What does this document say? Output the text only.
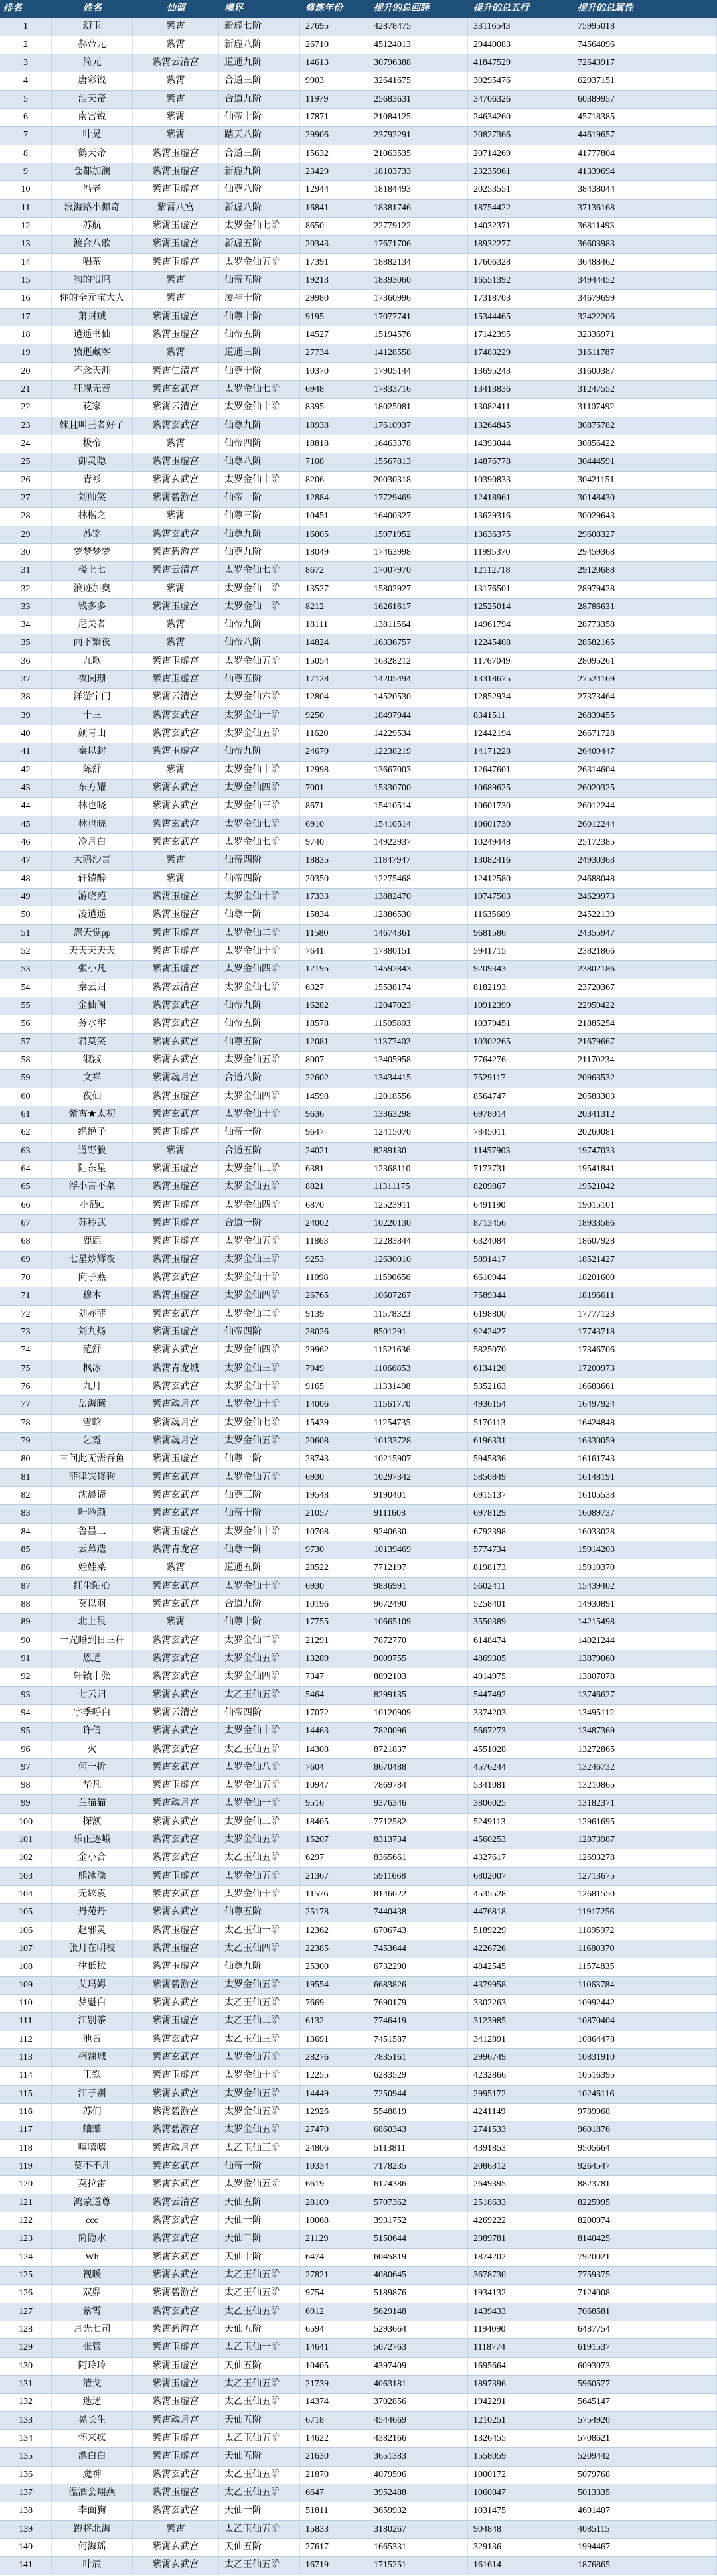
排名	姓名	仙盟	境界	修炼年份	提升的总回睡	提升的总五行	提升的总属性
1	幻玉	紫霄	新虚七阶	27695	42878475	33116543	75995018
2	郝帝元	紫霄	新虚八阶	26710	45124013	29440083	74564096
3	简元	紫霄云清宫	道通九阶	14613	30796388	41847529	72643917
4	唐彩锐	紫霄	合道三阶	9903	32641675	30295476	62937151
5	浩天帝	紫霄	合道九阶	11979	25683631	34706326	60389957
6	南宫锐	紫霄	仙帝十阶	17871	21084125	24634260	45718385
7	叶晃	紫霄	踏天八阶	29906	23792291	20827366	44619657
8	鹤天帝	紫霄玉虚宫	合道三阶	15632	21063535	20714269	41777804
9	仓都加澜	紫霄玉虚宫	新虚九阶	23429	18103733	23235961	41339694
10	冯老	紫霄玉虚宫	仙尊八阶	12944	18184493	20253551	38438044
11	浪海路小佩奇	紫霄八宫	新虚八阶	16841	18381746	18754422	37136168
12	苏航	紫霄玉虚宫	太罗金仙七阶	8650	22779122	14032371	36811493
13	渡合八歌	紫霄玉虚宫	新虚五阶	20343	17671706	18932277	36603983
14	唱茶	紫霄玉虚宫	太罗金仙五阶	17391	18882134	17606328	36488462
15	狗的很呜	紫霄	仙帝五阶	19213	18393060	16551392	34944452
16	你的全元宝大人	紫霄	凌神十阶	29980	17360996	17318703	34679699
17	萧封贼	紫霄玉虚宫	仙尊十阶	9195	17077741	15344465	32422206
18	逍遥书仙	紫霄玉虚宫	仙帝五阶	14527	15194576	17142395	32336971
19	猿逝藏客	紫霄	道通三阶	27734	14128558	17483229	31611787
20	不念天涯	紫霄仁清宫	仙尊十阶	10370	17905144	13695243	31600387
21	狂舰无音	紫霄玄武宫	太罗金仙七阶	6948	17833716	13413836	31247552
22	花家	紫霄云清宫	太罗金仙十阶	8395	18025081	13082411	31107492
23	妹且叫王者好了	紫霄玄武宫	仙尊九阶	18938	17610937	13264845	30875782
24	极帝	紫霄	仙帝四阶	18818	16463378	14393044	30856422
25	御灵隐	紫霄玉虚宫	仙尊八阶	7108	15567813	14876778	30444591
26	青衫	紫霄玄武宫	太罗金仙十阶	8206	20030318	10390833	30421151
27	刘帅笑	紫霄碧游宫	仙帝一阶	12884	17729469	12418961	30148430
28	林楷之	紫霄	仙尊三阶	10451	16400327	13629316	30029643
29	苏铭	紫霄玄武宫	仙尊九阶	16005	15971952	13636375	29608327
30	梦梦梦梦	紫霄碧游宫	仙尊九阶	18049	17463998	11995370	29459368
31	楼上七	紫霄云清宫	太罗金仙七阶	8672	17007970	12112718	29120688
32	浪迹加奥	紫霄	太罗金仙一阶	13527	15802927	13176501	28979428
33	钱多多	紫霄玉虚宫	太罗金仙一阶	8212	16261617	12525014	28786631
34	尼关者	紫霄	仙帝九阶	18111	13811564	14961794	28773358
35	雨下繁夜	紫霄	仙帝八阶	14824	16336757	12245408	28582165
36	九歌	紫霄玉虚宫	太罗金仙五阶	15054	16328212	11767049	28095261
37	夜阑珊	紫霄玉虚宫	仙尊五阶	17128	14205494	13318675	27524169
38	洋游宁门	紫霄云清宫	太罗金仙六阶	12804	14520530	12852934	27373464
39	十三	紫霄玄武宫	太罗金仙一阶	9250	18497944	8341511	26839455
40	颜青山	紫霄玄武宫	太罗金仙五阶	11620	14229534	12442194	26671728
41	秦以封	紫霄玉虚宫	仙帝九阶	24670	12238219	14171228	26409447
42	陈舒	紫霄	太罗金仙十阶	12998	13667003	12647601	26314604
43	东方耀	紫霄玄武宫	太罗金仙四阶	7001	15330700	10689625	26020325
44	林也晓	紫霄玄武宫	太罗金仙三阶	8671	15410514	10601730	26012244
45	林也晓	紫霄玄武宫	太罗金仙七阶	6910	15410514	10601730	26012244
46	冷月白	紫霄玄武宫	太罗金仙七阶	9740	14922937	10249448	25172385
47	大鸥沙言	紫霄	仙帝四阶	18835	11847947	13082416	24930363
48	轩辕醉	紫霄	仙帝四阶	20350	12275468	12412580	24688048
49	游晓苑	紫霄玉虚宫	太罗金仙十阶	17333	13882470	10747503	24629973
50	凌逍遥	紫霄玉虚宫	仙尊一阶	15834	12886530	11635609	24522139
51	怨天觉pp	紫霄玉虚宫	太罗金仙二阶	11580	14674361	9681586	24355947
52	天天天天天	紫霄玉虚宫	太罗金仙十阶	7641	17880151	5941715	23821866
53	张小凡	紫霄玉虚宫	太罗金仙四阶	12195	14592843	9209343	23802186
54	秦云归	紫霄云清宫	太罗金仙七阶	6327	15538174	8182193	23720367
55	金仙阁	紫霄玄武宫	仙帝九阶	16282	12047023	10912399	22959422
56	务水牢	紫霄玄武宫	仙帝五阶	18578	11505803	10379451	21885254
57	君莫笑	紫霄玄武宫	仙尊五阶	12081	11377402	10302265	21679667
58	淑淑	紫霄玄武宫	太罗金仙五阶	8007	13405958	7764276	21170234
59	文祥	紫霄魂月宫	合道八阶	22602	13434415	7529117	20963532
60	夜仙	紫霄玉虚宫	太罗金仙四阶	14598	12018556	8564747	20583303
61	紫霄★太初	紫霄玄武宫	太罗金仙十阶	9636	13363298	6978014	20341312
62	绝绝子	紫霄玉虚宫	仙帝一阶	9647	12415070	7845011	20260081
63	道野狼	紫霄	合道五阶	24021	8289130	11457903	19747033
64	陆东星	紫霄玉虚宫	太罗金仙二阶	6381	12368110	7173731	19541841
65	浮小言不菜	紫霄玉虚宫	太罗金仙五阶	8821	11311175	8209867	19521042
66	小酒C	紫霄玉虚宫	太罗金仙四阶	6870	12523911	6491190	19015101
67	苏秒武	紫霄玉虚宫	合道一阶	24002	10220130	8713456	18933586
68	鹿鹿	紫霄玉虚宫	太罗金仙五阶	11863	12283844	6324084	18607928
69	七星炒辉夜	紫霄玉虚宫	太罗金仙三阶	9253	12630010	5891417	18521427
70	向子燕	紫霄玄武宫	太罗金仙十阶	11098	11590656	6610944	18201600
71	穆木	紫霄玉虚宫	太罗金仙四阶	26765	10607267	7589344	18196611
72	刘亦菲	紫霄玄武宫	太罗金仙二阶	9139	11578323	6198800	17777123
73	刘九炀	紫霄玉虚宫	仙帝四阶	28026	8501291	9242427	17743718
74	范舒	紫霄玄武宫	太罗金仙四阶	29962	11521636	5825070	17346706
75	枫冰	紫霄青龙城	太罗金仙三阶	7949	11066853	6134120	17200973
76	九月	紫霄玄武宫	太罗金仙十阶	9165	11331498	5352163	16683661
77	岳海曦	紫霄魂月宫	太罗金仙十阶	14006	11561770	4936154	16497924
78	雪晗	紫霄魂月宫	太罗金仙七阶	15439	11254735	5170113	16424848
79	乞霓	紫霄魂月宫	太罗金仙五阶	20608	10133728	6196331	16330059
80	甘问此无需吞鱼	紫霄玉虚宫	仙尊一阶	28743	10215907	5945836	16161743
81	菲律宾修狗	紫霄玄武宫	太罗金仙五阶	6930	10297342	5850849	16148191
82	沈晨谛	紫霄玄武宫	仙尊三阶	19548	9190401	6915137	16105538
83	叶吟颜	紫霄玄武宫	仙帝十阶	21057	9111608	6978129	16089737
84	鲁墨二	紫霄玉虚宫	太罗金仙十阶	10708	9240630	6792398	16033028
85	云幕迭	紫霄青龙宫	仙尊一阶	9730	10139469	5774734	15914203
86	娃娃菜	紫霄	道通五阶	28522	7712197	8198173	15910370
87	红尘陌心	紫霄玄武宫	太罗金仙十阶	6930	9836991	5602411	15439402
88	莫以羽	紫霄玄武宫	合道九阶	10196	9672490	5258401	14930891
89	北上晨	紫霄	仙尊十阶	17755	10665109	3550389	14215498
90	一咒睡到日三秆	紫霄玄武宫	太罗金仙二阶	21291	7872770	6148474	14021244
91	恩通	紫霄玄武宫	太罗金仙五阶	13289	9009755	4869305	13879060
92	轩辕丨张	紫霄玄武宫	太罗金仙四阶	7347	8892103	4914975	13807078
93	七云归	紫霄玄武宫	太乙玉仙五阶	5464	8299135	5447492	13746627
94	字季呼白	紫霄云清宫	仙帝四阶	17072	10120909	3374203	13495112
95	许倩	紫霄玄武宫	太罗金仙十阶	14463	7820096	5667273	13487369
96	火	紫霄玄武宫	太乙玉仙五阶	14308	8721837	4551028	13272865
97	何一折	紫霄玄武宫	太罗金仙八阶	7604	8670488	4576244	13246732
98	华凡	紫霄玉虚宫	太罗金仙五阶	10947	7869784	5341081	13210865
99	兰猫猫	紫霄魂月宫	太罗金仙一阶	9516	9376346	3806025	13182371
100	探额	紫霄玄武宫	太罗金仙二阶	18405	7712582	5249113	12961695
101	乐正逐峨	紫霄玄武宫	太罗金仙五阶	15207	8313734	4560253	12873987
102	金小合	紫霄玄武宫	太乙玉仙五阶	6297	8365661	4327617	12693278
103	熊冰澡	紫霄玉虚宫	太罗金仙五阶	21367	5911668	6802007	12713675
104	无絃袁	紫霄玄武宫	太罗金仙十阶	11576	8146022	4535528	12681550
105	丹苑丹	紫霄玄武宫	仙尊五阶	25178	7440438	4476818	11917256
106	赵邪灵	紫霄玉虚宫	太乙玉仙一阶	12362	6706743	5189229	11895972
107	张月在明枝	紫霄玉虚宫	太乙玉仙四阶	22385	7453644	4226726	11680370
108	律低拉	紫霄玉虚宫	仙尊九阶	25300	6732290	4842545	11574835
109	艾玛姆	紫霄碧游宫	太罗金仙五阶	19554	6683826	4379958	11063784
110	梦魁白	紫霄玄武宫	太乙玉仙五阶	7669	7690179	3302263	10992442
111	江别茶	紫霄玉虚宫	太乙玉仙二阶	6132	7746419	3123985	10870404
112	池旨	紫霄玄武宫	太乙玉仙三阶	13691	7451587	3412891	10864478
113	楠辣城	紫霄玄武宫	太罗金仙五阶	28276	7835161	2996749	10831910
114	王铁	紫霄玉虚宫	太罗金仙十阶	12255	6283529	4232866	10516395
115	江子别	紫霄玄武宫	太罗金仙五阶	14449	7250944	2995172	10246116
116	苏们	紫霄碧游宫	太罗金仙五阶	12926	5548819	4241149	9789968
117	蛐蛐	紫霄碧游宫	太罗金仙五阶	27470	6860343	2741533	9601876
118	嘻嘻嘻	紫霄魂月宫	太乙玉仙三阶	24806	5113811	4391853	9505664
119	莫不不凡	紫霄玄武宫	仙帝一阶	10334	7178235	2086312	9264547
120	莫拉雷	紫霄玄武宫	太罗金仙五阶	6619	6174386	2649395	8823781
121	鸿蒙道尊	紫霄云清宫	天仙五阶	28109	5707362	2518633	8225995
122	ccc	紫霄玄武宫	天仙一阶	10068	3931752	4269222	8200974
123	简隐水	紫霄玄武宫	天仙二阶	21129	5150644	2989781	8140425
124	Wh	紫霄玄武宫	天仙十阶	6474	6045819	1874202	7920021
125	视暖	紫霄玄武宫	太乙玉仙五阶	27821	4080645	3678730	7759375
126	双鼎	紫霄碧游宫	太乙玉仙五阶	9754	5189876	1934132	7124008
127	紫霄	紫霄玄武宫	太乙玉仙五阶	6912	5629148	1439433	7068581
128	月光七司	紫霄碧游宫	天仙五阶	6594	5293664	1194090	6487754
129	张管	紫霄玉虚宫	太乙玉仙一阶	14641	5072763	1118774	6191537
130	阿玲玲	紫霄玉虚宫	天仙五阶	10405	4397409	1695664	6093073
131	清戈	紫霄玉虚宫	太乙玉仙五阶	21739	4063181	1897396	5960577
132	迷迷	紫霄玉虚宫	太乙玉仙五阶	14374	3702856	1942291	5645147
133	晃长生	紫霄魂月宫	天仙五阶	6718	4544669	1210251	5754920
134	怀来疯	紫霄玉虚宫	太乙玉仙五阶	14622	4382166	1326455	5708621
135	漂白白	紫霄玉虚宫	天仙五阶	21630	3651383	1558059	5209442
136	魔神	紫霄玄武宫	太乙玉仙五阶	21870	4079596	1000172	5079768
137	温酒会翔燕	紫霄玉虚宫	太乙玉仙五阶	6647	3952488	1060847	5013335
138	李面狗	紫霄玄武宫	天仙一阶	51811	3659932	1031475	4691407
139	蹲将北海	紫霄	太乙玉仙五阶	15833	3180267	904848	4085115
140	何海瑶	紫霄玄武宫	天仙五阶	27617	1665331	329136	1994467
141	叶辰	紫霄玄武宫	太乙玉仙五阶	16719	1715251	161614	1876865
